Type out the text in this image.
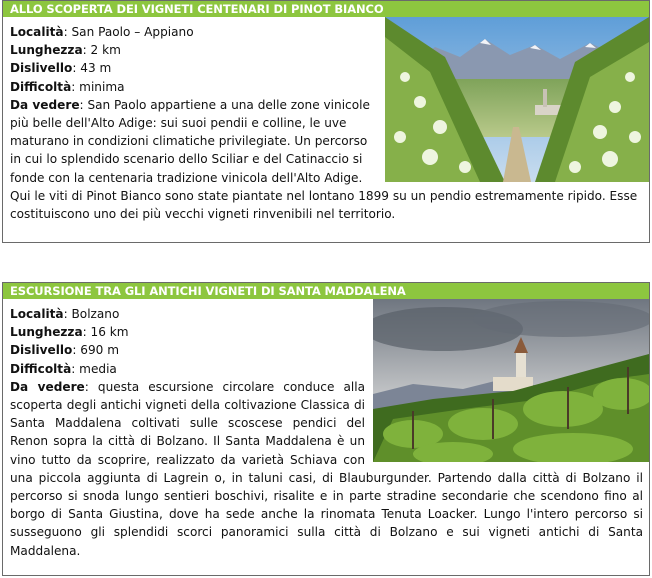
ALLO SCOPERTA DEI VIGNETI CENTENARI DI PINOT BIANCO

Località: San Paolo – Appiano

Lunghezza: 2 km

Dislivello: 43 m

Difficoltà: minima

Da vedere: San Paolo appartiene a una delle zone vinicole più belle dell'Alto Adige: sui suoi pendii e colline, le uve maturano in condizioni climatiche privilegiate. Un percorso in cui lo splendido scenario dello Sciliar e del Catinaccio si fonde con la centenaria tradizione vinicola dell'Alto Adige. Qui le viti di Pinot Bianco sono state piantate nel lontano 1899 su un pendio estremamente ripido. Esse costituiscono uno dei più vecchi vigneti rinvenibili nel territorio.

ESCURSIONE TRA GLI ANTICHI VIGNETI DI SANTA MADDALENA

Località: Bolzano

Lunghezza: 16 km

Dislivello: 690 m

Difficoltà: media

Da vedere: questa escursione circolare conduce alla scoperta degli antichi vigneti della coltivazione Classica di Santa Maddalena coltivati sulle scoscese pendici del Renon sopra la città di Bolzano. Il Santa Maddalena è un vino tutto da scoprire, realizzato da varietà Schiava con una piccola aggiunta di Lagrein o, in taluni casi, di Blauburgunder. Partendo dalla città di Bolzano il percorso si snoda lungo sentieri boschivi, risalite e in parte stradine secondarie che scendono fino al borgo di Santa Giustina, dove ha sede anche la rinomata Tenuta Loacker. Lungo l'intero percorso si susseguono gli splendidi scorci panoramici sulla città di Bolzano e sui vigneti antichi di Santa Maddalena.
